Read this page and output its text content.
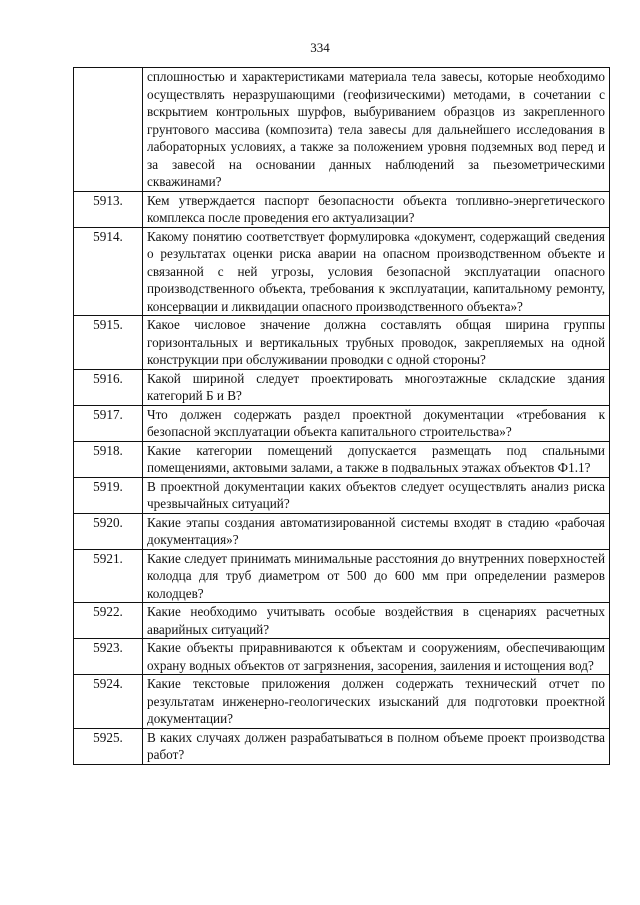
334
	сплошностью и характеристиками материала тела завесы, которые необходимо осуществлять неразрушающими (геофизическими) методами, в сочетании с вскрытием контрольных шурфов, выбуриванием образцов из закрепленного грунтового массива (композита) тела завесы для дальнейшего исследования в лабораторных условиях, а также за положением уровня подземных вод перед и за завесой на основании данных наблюдений за пьезометрическими скважинами?
5913.	Кем утверждается паспорт безопасности объекта топливно-энергетического комплекса после проведения его актуализации?
5914.	Какому понятию соответствует формулировка «документ, содержащий сведения о результатах оценки риска аварии на опасном производственном объекте и связанной с ней угрозы, условия безопасной эксплуатации опасного производственного объекта, требования к эксплуатации, капитальному ремонту, консервации и ликвидации опасного производственного объекта»?
5915.	Какое числовое значение должна составлять общая ширина группы горизонтальных и вертикальных трубных проводок, закрепляемых на одной конструкции при обслуживании проводки с одной стороны?
5916.	Какой шириной следует проектировать многоэтажные складские здания категорий Б и В?
5917.	Что должен содержать раздел проектной документации «требования к безопасной эксплуатации объекта капитального строительства»?
5918.	Какие категории помещений допускается размещать под спальными помещениями, актовыми залами, а также в подвальных этажах объектов Ф1.1?
5919.	В проектной документации каких объектов следует осуществлять анализ риска чрезвычайных ситуаций?
5920.	Какие этапы создания автоматизированной системы входят в стадию «рабочая документация»?
5921.	Какие следует принимать минимальные расстояния до внутренних поверхностей колодца для труб диаметром от 500 до 600 мм при определении размеров колодцев?
5922.	Какие необходимо учитывать особые воздействия в сценариях расчетных аварийных ситуаций?
5923.	Какие объекты приравниваются к объектам и сооружениям, обеспечивающим охрану водных объектов от загрязнения, засорения, заиления и истощения вод?
5924.	Какие текстовые приложения должен содержать технический отчет по результатам инженерно-геологических изысканий для подготовки проектной документации?
5925.	В каких случаях должен разрабатываться в полном объеме проект производства работ?
